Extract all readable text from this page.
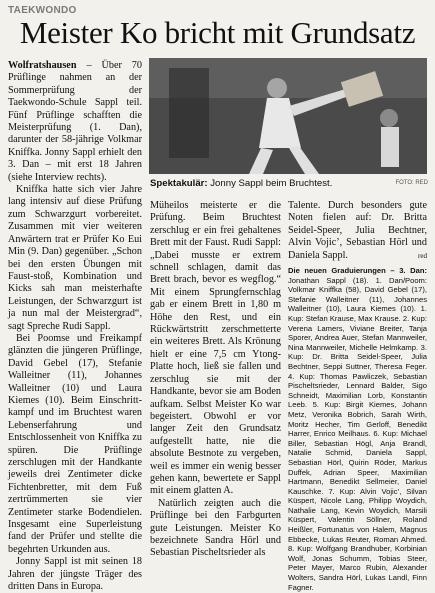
TAEKWONDO
Meister Ko bricht mit Grundsatz

Wolfratshausen – Über 70 Prüflinge nahmen an der Sommerprüfung der Taekwondo-Schule Sappl teil. Fünf Prüflinge schafften die Meisterprüfung (1. Dan), darunter der 58-jährige Volkmar Kniffka. Jonny Sappl erhielt den 3. Dan – mit erst 18 Jahren (siehe Interview rechts).

Kniffka hatte sich vier Jahre lang intensiv auf diese Prüfung zum Schwarzgurt vorbereitet. Zusammen mit vier weiteren Anwärtern trat er Prüfer Ko Eui Min (9. Dan) gegenüber. „Schon bei den ersten Übungen mit Faust-stoß, Kombination und Kicks sah man meisterhafte Leistungen, der Schwarzgurt ist ja nun mal der Meistergrad“, sagt Spreche Rudi Sappl.

Bei Poomse und Freikampf glänzten die jüngeren Prüflinge, David Gebel (17), Stefanie Walleitner (11), Johannes Walleitner (10) und Laura Kiemes (10). Beim Einschritt-kampf und im Bruchtest waren Lebenserfahrung und Entschlossenheit von Kniffka zu spüren. Die Prüflinge zerschlugen mit der Handkante jeweils drei Zentimeter dicke Fichtenbretter, mit dem Fuß zertrümmerten sie vier Zentimeter starke Bodendielen. Insgesamt eine Superleistung fand der Prüfer und stellte die begehrten Urkunden aus.

Jonny Sappl ist mit seinen 18 Jahren der jüngste Träger des dritten Dans in Europa.

Spektakulär: Jonny Sappl beim Bruchtest.	FOTO: RED

Müheilos meisterte er die Prüfung. Beim Bruchtest zerschlug er ein frei gehaltenes Brett mit der Faust. Rudi Sappl: „Dabei musste er extrem schnell schlagen, damit das Brett brach, bevor es wegflog.“ Mit einem Sprungfernschlag gab er einem Brett in 1,80 m Höhe den Rest, und ein Rückwärtstritt zerschmetterte ein weiteres Brett. Als Krönung hielt er eine 7,5 cm Ytong-Platte hoch, ließ sie fallen und zerschlug sie mit der Handkante, bevor sie am Boden aufkam. Selbst Meister Ko war begeistert. Obwohl er vor langer Zeit den Grundsatz aufgestellt hatte, nie die absolute Bestnote zu vergeben, weil es immer ein wenig besser gehen kann, bewertete er Sappl mit einem glatten A.

Natürlich zeigten auch die Prüflinge bei den Farbgurten gute Leistungen. Meister Ko bezeichnete Sandra Hörl und Sebastian Pischeltsrieder als

Talente. Durch besonders gute Noten fielen auf: Dr. Britta Seidel-Speer, Julia Bechtner, Alvin Vojic’, Sebastian Hörl und Daniela Sappl.	red

Die neuen Graduierungen – 3. Dan: Jonathan Sappl (18). 1. Dan/Poom: Volkmar Kniffka (58), David Gebel (17), Stefanie Walleitner (11), Johannes Walleitner (10), Laura Kiemes (10). 1. Kup: Stefan Krause, Max Krause. 2. Kup: Verena Lamers, Viviane Breiter, Tanja Sporer, Andrea Auer, Stefan Mannweiler, Nina Mannweiler, Michelle Helmkamp. 3. Kup: Dr. Britta Seidel-Speer, Julia Bechtner, Seppi Suttner, Theresa Feger. 4. Kup: Thomas Pawliczek, Sebastian Pischeltsrieder, Lennard Balder, Sigo Schneidt, Maximilian Lorb, Konstantin Leeb. 5. Kup: Birgit Kiemes, Johann Metz, Veronika Bobrich, Sarah Wirth, Moritz Hecher, Tim Gerloff, Benedikt Harrer, Enrico Meilhaus. 6. Kup: Michael Biller, Sebastian Högl, Anja Brandl, Natalie Schmid, Daniela Sappl, Sebastian Hörl, Quirin Röder, Markus Duffek, Adrian Speer, Maximilian Hartmann, Benedikt Sellmeier, Daniel Kauschke. 7. Kup: Alvin Vojic’, Silvan Küspert, Nicole Lang, Philipp Woydich, Nathalie Lang, Kevin Woydich, Marsili Küspert, Valentin Söllner, Roland Heißler, Fortunatus von Halem, Magnus Ebbecke, Lukas Reuter, Roman Ahmed. 8. Kup: Wolfgang Brandhuber, Korbinian Wolf, Jonas Schumm, Tobias Steer, Peter Mayer, Marco Rubin, Alexander Wolters, Sandra Hörl, Lukas Landl, Finn Fagner.
